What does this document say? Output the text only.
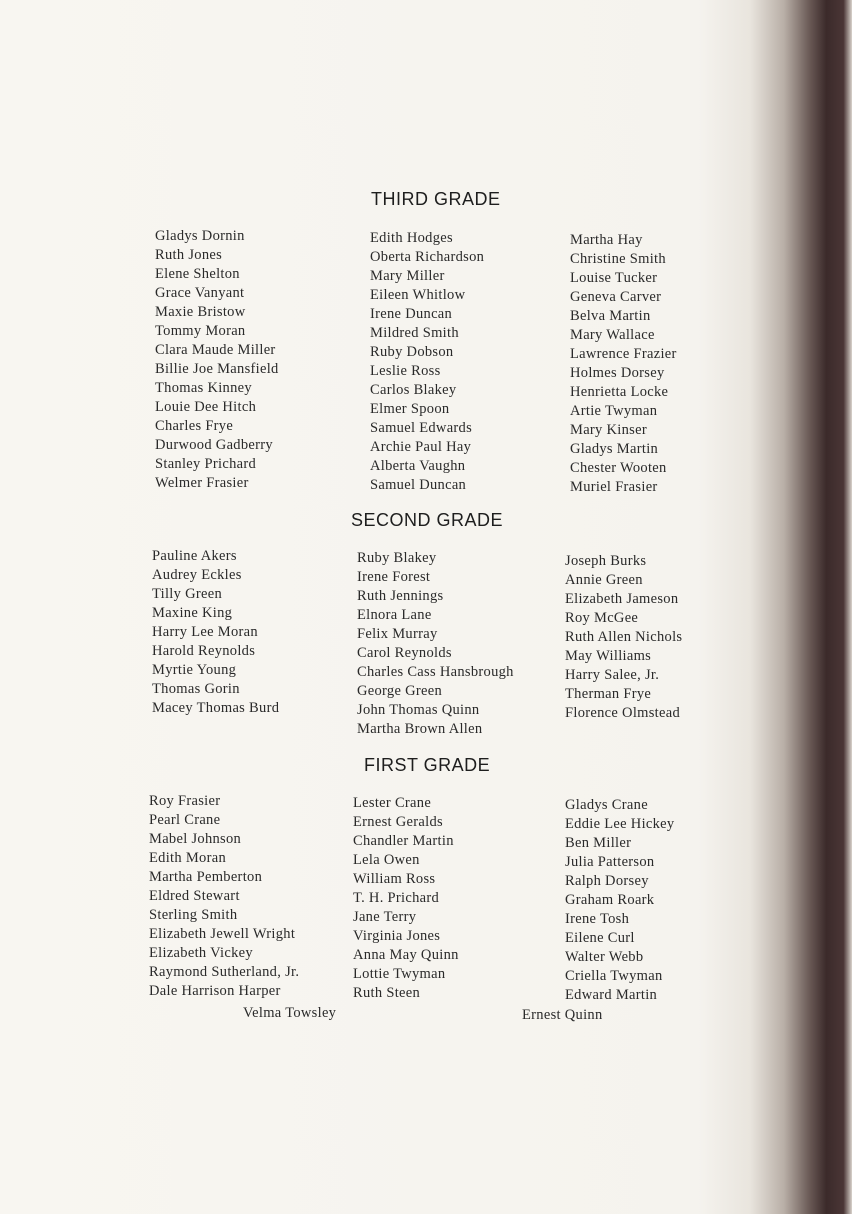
THIRD GRADE
Gladys Dornin
Ruth Jones
Elene Shelton
Grace Vanyant
Maxie Bristow
Tommy Moran
Clara Maude Miller
Billie Joe Mansfield
Thomas Kinney
Louie Dee Hitch
Charles Frye
Durwood Gadberry
Stanley Prichard
Welmer Frasier
Edith Hodges
Oberta Richardson
Mary Miller
Eileen Whitlow
Irene Duncan
Mildred Smith
Ruby Dobson
Leslie Ross
Carlos Blakey
Elmer Spoon
Samuel Edwards
Archie Paul Hay
Alberta Vaughn
Samuel Duncan
Martha Hay
Christine Smith
Louise Tucker
Geneva Carver
Belva Martin
Mary Wallace
Lawrence Frazier
Holmes Dorsey
Henrietta Locke
Artie Twyman
Mary Kinser
Gladys Martin
Chester Wooten
Muriel Frasier
SECOND GRADE
Pauline Akers
Audrey Eckles
Tilly Green
Maxine King
Harry Lee Moran
Harold Reynolds
Myrtie Young
Thomas Gorin
Macey Thomas Burd
Ruby Blakey
Irene Forest
Ruth Jennings
Elnora Lane
Felix Murray
Carol Reynolds
Charles Cass Hansbrough
George Green
John Thomas Quinn
Martha Brown Allen
Joseph Burks
Annie Green
Elizabeth Jameson
Roy McGee
Ruth Allen Nichols
May Williams
Harry Salee, Jr.
Therman Frye
Florence Olmstead
FIRST GRADE
Roy Frasier
Pearl Crane
Mabel Johnson
Edith Moran
Martha Pemberton
Eldred Stewart
Sterling Smith
Elizabeth Jewell Wright
Elizabeth Vickey
Raymond Sutherland, Jr.
Dale Harrison Harper
Lester Crane
Ernest Geralds
Chandler Martin
Lela Owen
William Ross
T. H. Prichard
Jane Terry
Virginia Jones
Anna May Quinn
Lottie Twyman
Ruth Steen
Gladys Crane
Eddie Lee Hickey
Ben Miller
Julia Patterson
Ralph Dorsey
Graham Roark
Irene Tosh
Eilene Curl
Walter Webb
Criella Twyman
Edward Martin
Velma Towsley	Ernest Quinn
